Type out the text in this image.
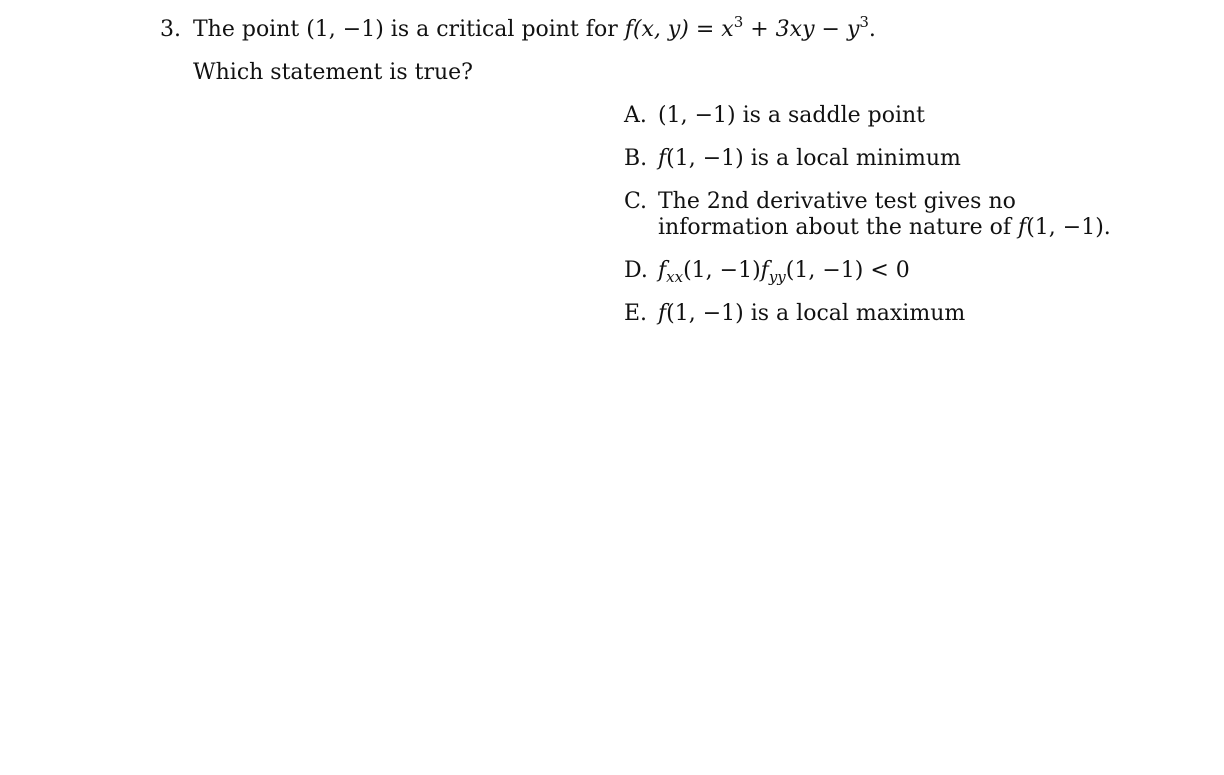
3. The point (1, −1) is a critical point for f(x, $y) = x^3 + 3xy - y^3$.
Which statement is true?
A. (1, −1) is a saddle point
B. f(1, −1) is a local minimum
C. The 2nd derivative test gives no
information about the nature of f(1, −1).
D. $f_{xx}(1$, $-1)f_{yy}(1$, −1) < 0
E. f(1, −1) is a local maximum
